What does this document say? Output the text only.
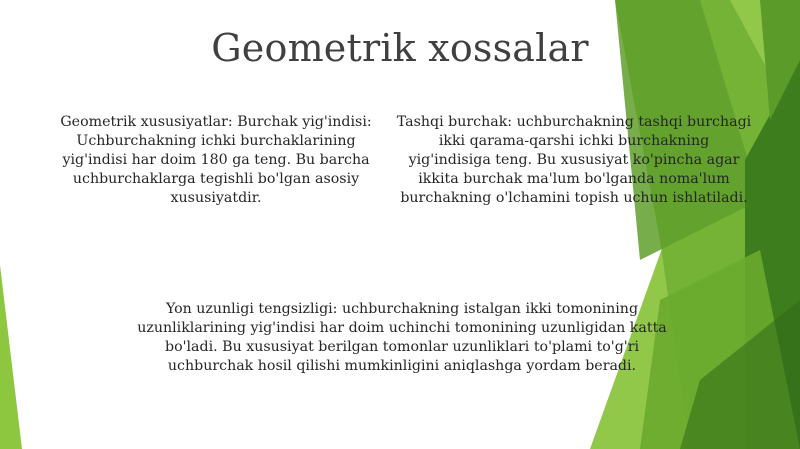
Geometrik xossalar
Geometrik xususiyatlar: Burchak yig'indisi: Uchburchakning ichki burchaklarining yig'indisi har doim 180 ga teng. Bu barcha uchburchaklarga tegishli bo'lgan asosiy xususiyatdir.
Tashqi burchak: uchburchakning tashqi burchagi ikki qarama-qarshi ichki burchakning yig'indisiga teng. Bu xususiyat ko'pincha agar ikkita burchak ma'lum bo'lganda noma'lum burchakning o'lchamini topish uchun ishlatiladi.
Yon uzunligi tengsizligi: uchburchakning istalgan ikki tomonining uzunliklarining yig'indisi har doim uchinchi tomonining uzunligidan katta bo'ladi. Bu xususiyat berilgan tomonlar uzunliklari to'plami to'g'ri uchburchak hosil qilishi mumkinligini aniqlashga yordam beradi.
